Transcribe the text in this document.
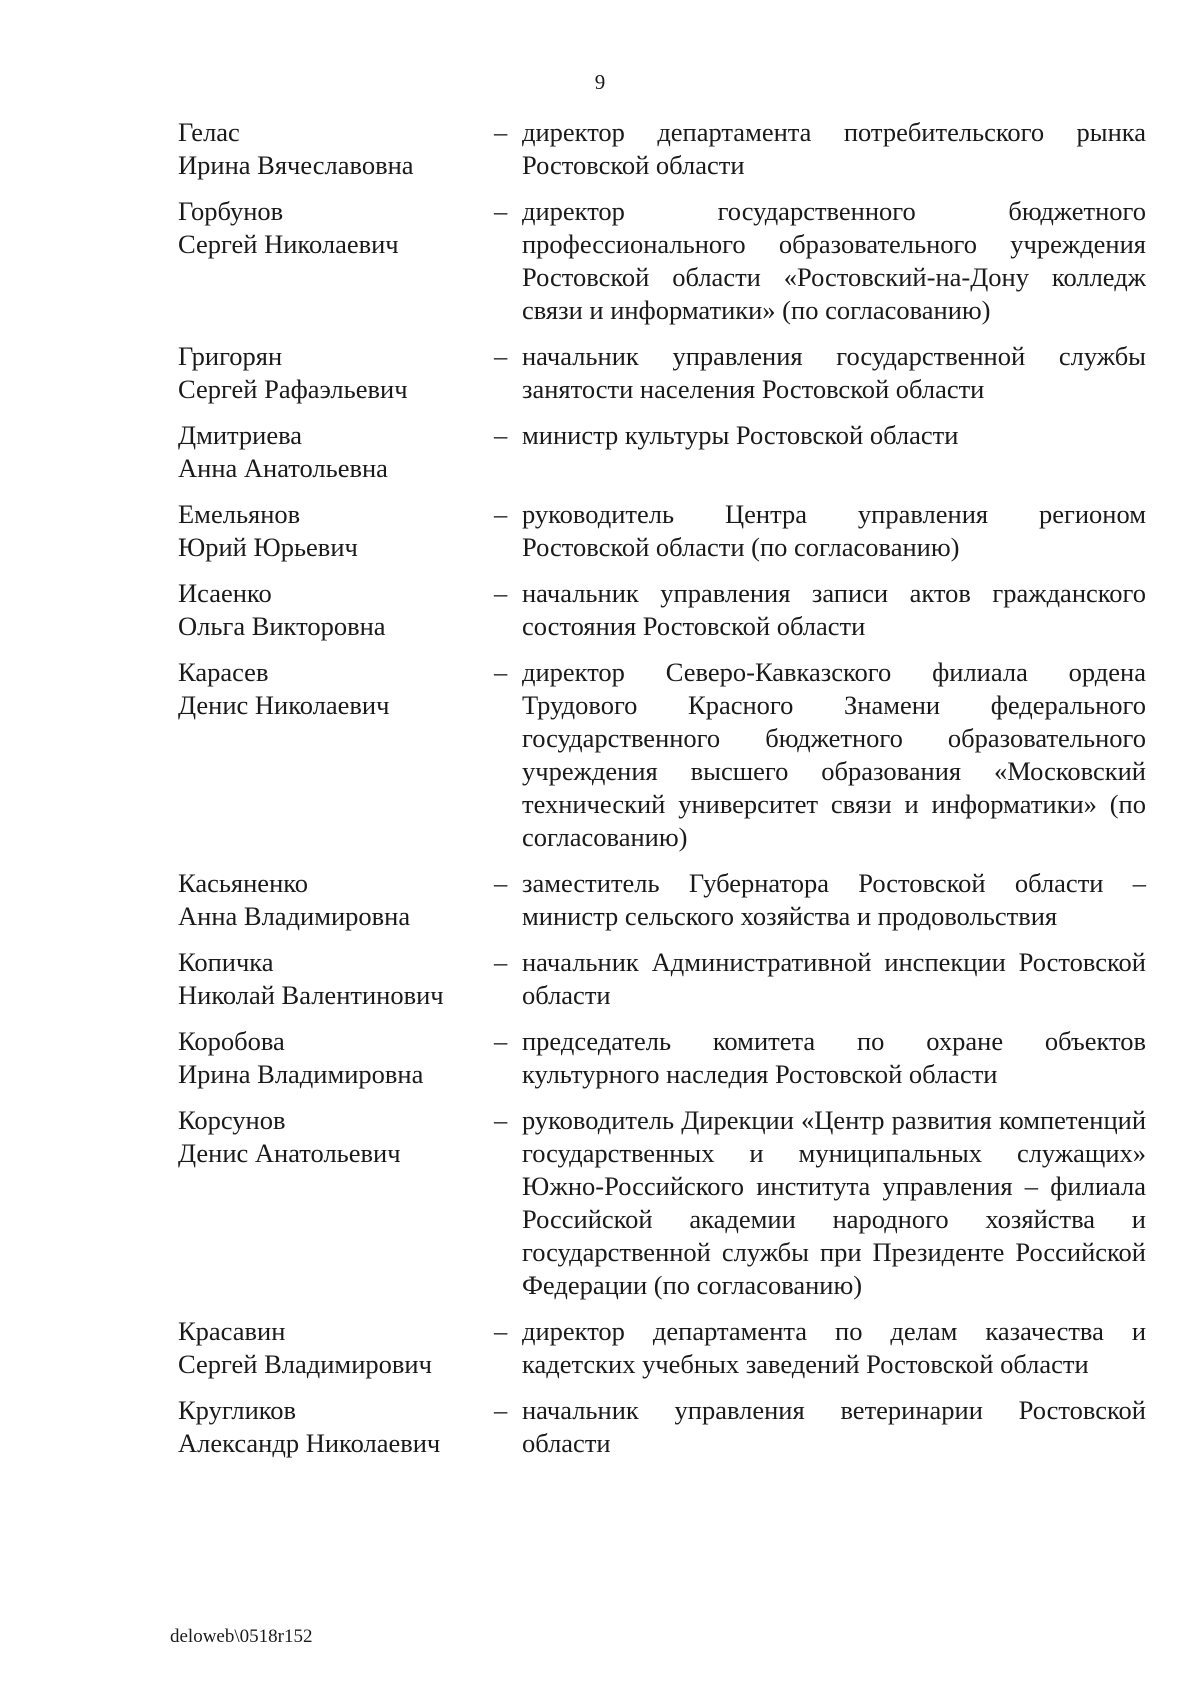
9
Гелас
Ирина Вячеславовна
– директор департамента потребительского рынка Ростовской области
Горбунов
Сергей Николаевич
– директор государственного бюджетного профессионального образовательного учреждения Ростовской области «Ростовский-на-Дону колледж связи и информатики» (по согласованию)
Григорян
Сергей Рафаэльевич
– начальник управления государственной службы занятости населения Ростовской области
Дмитриева
Анна Анатольевна
– министр культуры Ростовской области
Емельянов
Юрий Юрьевич
– руководитель Центра управления регионом Ростовской области (по согласованию)
Исаенко
Ольга Викторовна
– начальник управления записи актов гражданского состояния Ростовской области
Карасев
Денис Николаевич
– директор Северо-Кавказского филиала ордена Трудового Красного Знамени федерального государственного бюджетного образовательного учреждения высшего образования «Московский технический университет связи и информатики» (по согласованию)
Касьяненко
Анна Владимировна
– заместитель Губернатора Ростовской области – министр сельского хозяйства и продовольствия
Копичка
Николай Валентинович
– начальник Административной инспекции Ростовской области
Коробова
Ирина Владимировна
– председатель комитета по охране объектов культурного наследия Ростовской области
Корсунов
Денис Анатольевич
– руководитель Дирекции «Центр развития компетенций государственных и муниципальных служащих» Южно-Российского института управления – филиала Российской академии народного хозяйства и государственной службы при Президенте Российской Федерации (по согласованию)
Красавин
Сергей Владимирович
– директор департамента по делам казачества и кадетских учебных заведений Ростовской области
Кругликов
Александр Николаевич
– начальник управления ветеринарии Ростовской области
deloweb\0518r152
